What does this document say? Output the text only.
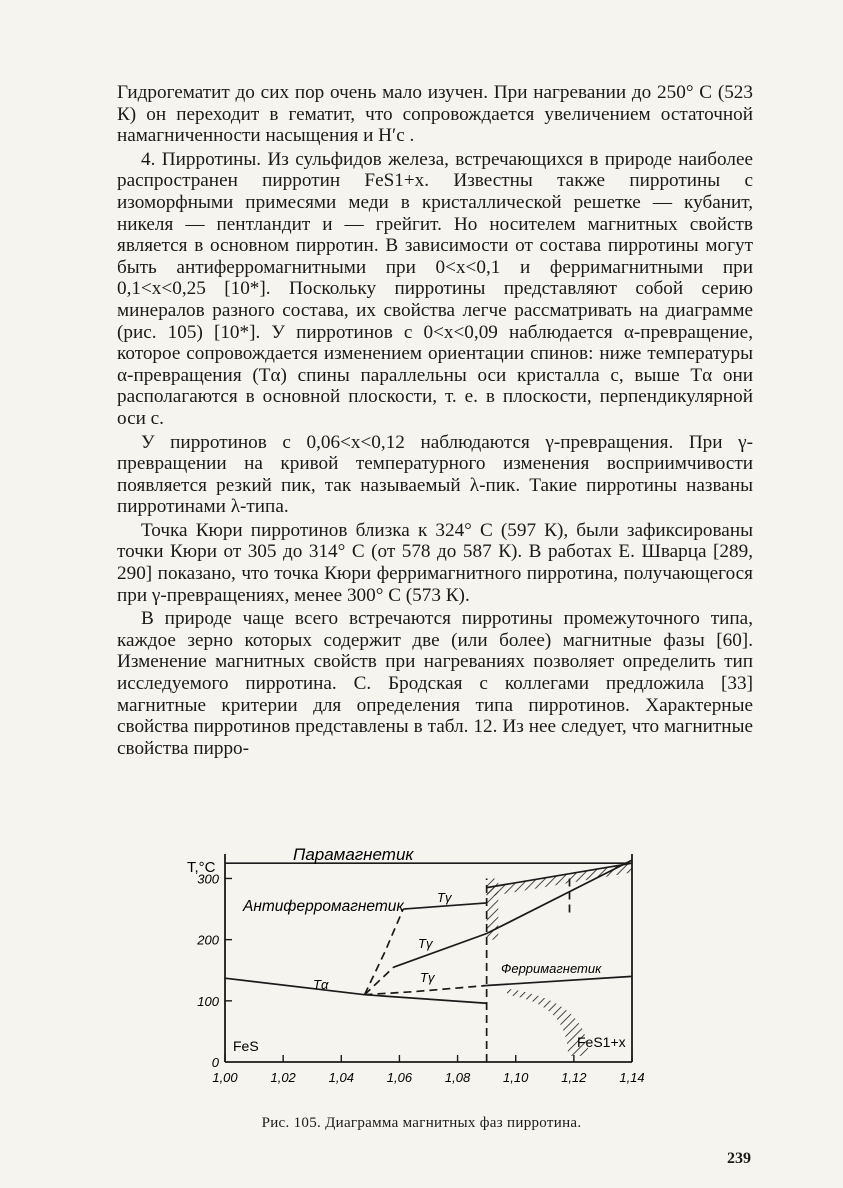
Гидрогематит до сих пор очень мало изучен. При нагревании до 250° С (523 К) он переходит в гематит, что сопровождается увеличением остаточной намагниченности насыщения и H′c .

4. Пирротины. Из сульфидов железа, встречающихся в природе наиболее распространен пирротин FeS1+x. Известны также пирротины с изоморфными примесями меди в кристаллической решетке — кубанит, никеля — пентландит и — грейгит. Но носителем магнитных свойств является в основном пирротин. В зависимости от состава пирротины могут быть антиферромагнитными при 0<x<0,1 и ферримагнитными при 0,1<x<0,25 [10*]. Поскольку пирротины представляют собой серию минералов разного состава, их свойства легче рассматривать на диаграмме (рис. 105) [10*]. У пирротинов с 0<x<0,09 наблюдается α-превращение, которое сопровождается изменением ориентации спинов: ниже температуры α-превращения (Tα) спины параллельны оси кристалла c, выше Tα они располагаются в основной плоскости, т. е. в плоскости, перпендикулярной оси c.

У пирротинов с 0,06<x<0,12 наблюдаются γ-превращения. При γ-превращении на кривой температурного изменения восприимчивости появляется резкий пик, так называемый λ-пик. Такие пирротины названы пирротинами λ-типа.

Точка Кюри пирротинов близка к 324° С (597 К), были зафиксированы точки Кюри от 305 до 314° С (от 578 до 587 К). В работах Е. Шварца [289, 290] показано, что точка Кюри ферримагнитного пирротина, получающегося при γ-превращениях, менее 300° С (573 К).

В природе чаще всего встречаются пирротины промежуточного типа, каждое зерно которых содержит две (или более) магнитные фазы [60]. Изменение магнитных свойств при нагреваниях позволяет определить тип исследуемого пирротина. С. Бродская с коллегами предложила [33] магнитные критерии для определения типа пирротинов. Характерные свойства пирротинов представлены в табл. 12. Из нее следует, что магнитные свойства пирро-

1,00	1,02	1,04	1,06	1,08	1,10	1,12	1,14
0
100
200
300
T,°C
Парамагнетик
Антиферромагнетик
Ферримагнетик
Tα
Tγ
Tγ
Tγ
FeS	FeS1+x
Рис. 105. Диаграмма магнитных фаз пирротина.
239
